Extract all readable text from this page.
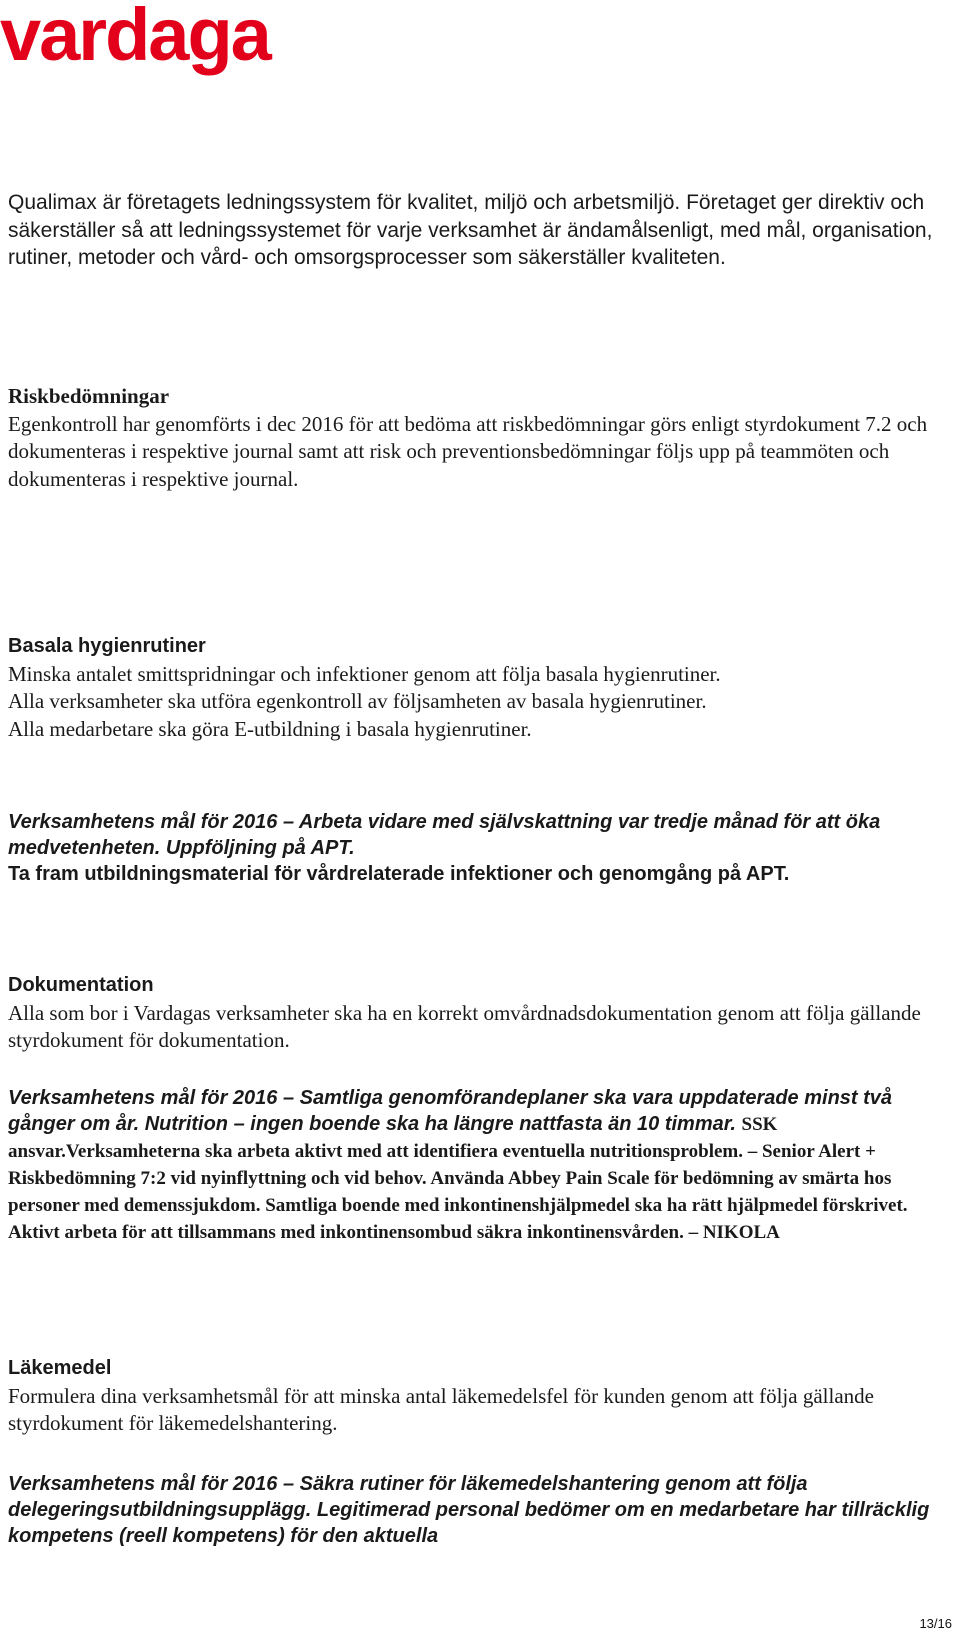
vardaga

Qualimax är företagets ledningssystem för kvalitet, miljö och arbetsmiljö. Företaget ger direktiv och säkerställer så att ledningssystemet för varje verksamhet är ändamålsenligt, med mål, organisation, rutiner, metoder och vård- och omsorgsprocesser som säkerställer kvaliteten.

Riskbedömningar

Egenkontroll har genomförts i dec 2016 för att bedöma att riskbedömningar görs enligt styrdokument 7.2 och dokumenteras i respektive journal samt att risk och preventionsbedömningar följs upp på teammöten och dokumenteras i respektive journal.

Basala hygienrutiner

Minska antalet smittspridningar och infektioner genom att följa basala hygienrutiner.

Alla verksamheter ska utföra egenkontroll av följsamheten av basala hygienrutiner.

Alla medarbetare ska göra E-utbildning i basala hygienrutiner.

Verksamhetens mål för 2016 – Arbeta vidare med självskattning var tredje månad för att öka medvetenheten. Uppföljning på APT.

Ta fram utbildningsmaterial för vårdrelaterade infektioner och genomgång på APT.

Dokumentation

Alla som bor i Vardagas verksamheter ska ha en korrekt omvårdnadsdokumentation genom att följa gällande styrdokument för dokumentation.

Verksamhetens mål för 2016 – Samtliga genomförandeplaner ska vara uppdaterade minst två gånger om år. Nutrition – ingen boende ska ha längre nattfasta än 10 timmar. SSK ansvar.Verksamheterna ska arbeta aktivt med att identifiera eventuella nutritionsproblem. – Senior Alert + Riskbedömning 7:2 vid nyinflyttning och vid behov. Använda Abbey Pain Scale för bedömning av smärta hos personer med demenssjukdom. Samtliga boende med inkontinenshjälpmedel ska ha rätt hjälpmedel förskrivet. Aktivt arbeta för att tillsammans med inkontinensombud säkra inkontinensvården. – NIKOLA

Läkemedel

Formulera dina verksamhetsmål för att minska antal läkemedelsfel för kunden genom att följa gällande styrdokument för läkemedelshantering.

Verksamhetens mål för 2016 – Säkra rutiner för läkemedelshantering genom att följa delegeringsutbildningsupplägg. Legitimerad personal bedömer om en medarbetare har tillräcklig kompetens (reell kompetens) för den aktuella

13/16
